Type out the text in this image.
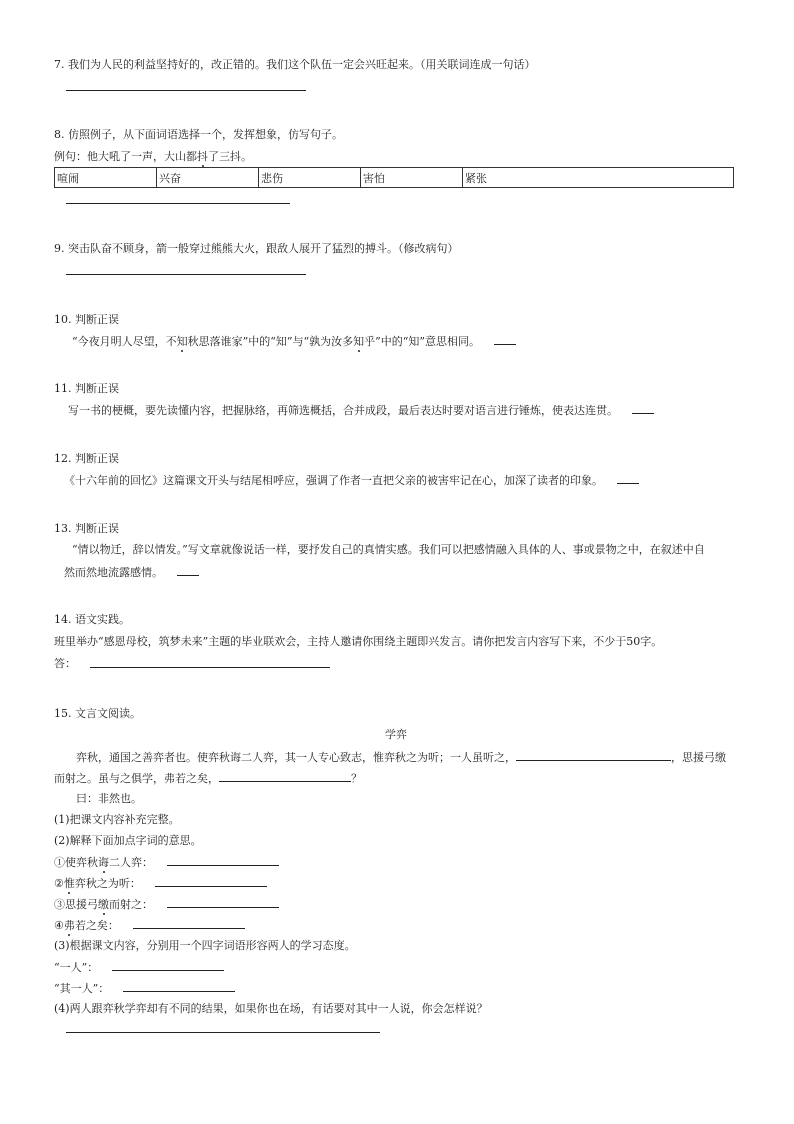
7. 我们为人民的利益坚持好的，改正错的。我们这个队伍一定会兴旺起来。（用关联词连成一句话）
8. 仿照例子，从下面词语选择一个，发挥想象，仿写句子。
例句：他大吼了一声，大山都抖了三抖。
喧闹	兴奋	悲伤	害怕	紧张
9. 突击队奋不顾身，箭一般穿过熊熊大火，跟敌人展开了猛烈的搏斗。（修改病句）
10. 判断正误
“今夜月明人尽望，不知秋思落谁家”中的“知”与“孰为汝多知乎”中的“知”意思相同。
11. 判断正误
写一书的梗概，要先读懂内容，把握脉络，再筛选概括，合并成段，最后表达时要对语言进行锤炼，使表达连贯。
12. 判断正误
《十六年前的回忆》这篇课文开头与结尾相呼应，强调了作者一直把父亲的被害牢记在心，加深了读者的印象。
13. 判断正误
“情以物迁，辞以情发。”写文章就像说话一样，要抒发自己的真情实感。我们可以把感情融入具体的人、事或景物之中，在叙述中自
然而然地流露感情。
14. 语文实践。
班里举办“感恩母校，筑梦未来”主题的毕业联欢会，主持人邀请你围绕主题即兴发言。请你把发言内容写下来，不少于50字。
答：
15. 文言文阅读。
学弈
弈秋，通国之善弈者也。使弈秋诲二人弈，其一人专心致志，惟弈秋之为听；一人虽听之，	，思援弓缴
而射之。虽与之俱学，弗若之矣，	？
曰：非然也。
(1)把课文内容补充完整。
(2)解释下面加点字词的意思。
①使弈秋诲二人弈：
②惟弈秋之为听：
③思援弓缴而射之：
④弗若之矣：
(3)根据课文内容，分别用一个四字词语形容两人的学习态度。
“一人”：
“其一人”：
(4)两人跟弈秋学弈却有不同的结果，如果你也在场，有话要对其中一人说，你会怎样说？
